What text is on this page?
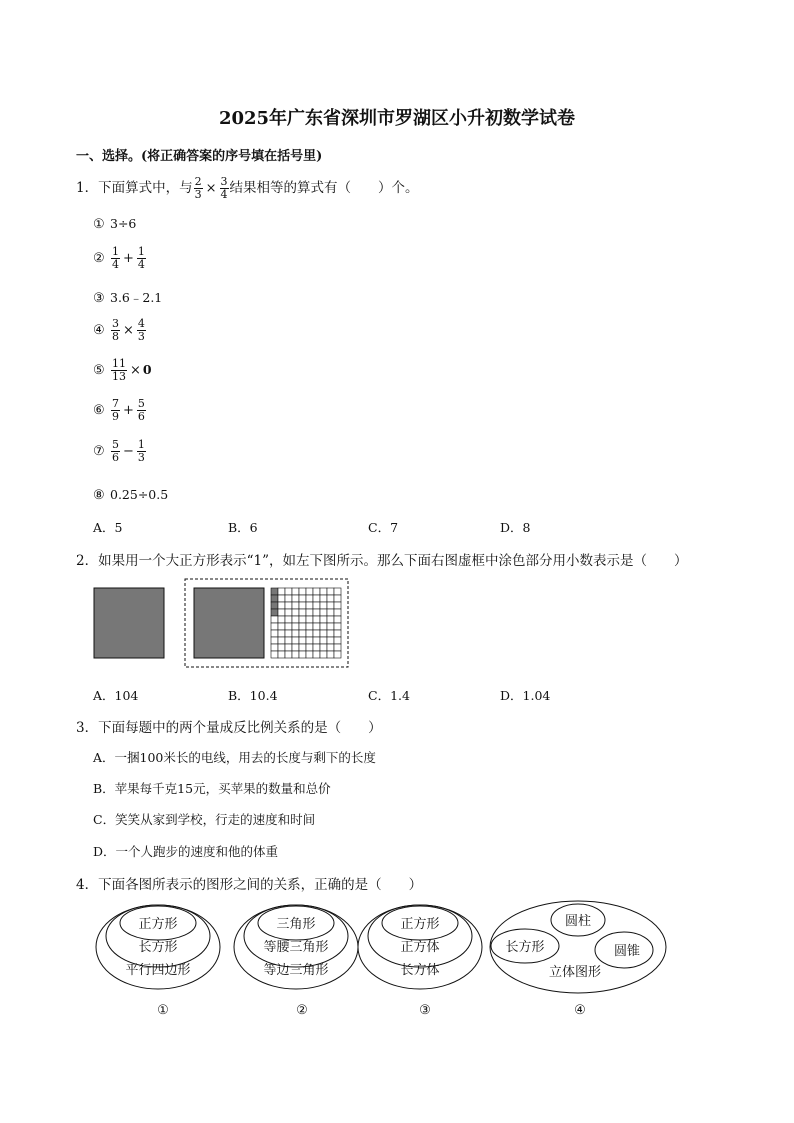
2025年广东省深圳市罗湖区小升初数学试卷
一、选择。(将正确答案的序号填在括号里)
1．下面算式中，与 $\frac{2}{3} \times \frac{3}{4}$ 结果相等的算式有（　　）个。
① 3÷6
② $\frac{1}{4} + \frac{1}{4}$
③ 3.6﹣2.1
④ $\frac{3}{8} \times \frac{4}{3}$
⑤ $\frac{11}{13} \times 0$
⑥ $\frac{7}{9} + \frac{5}{6}$
⑦ $\frac{5}{6} - \frac{1}{3}$
⑧ 0.25÷0.5
A．5	B．6	C．7	D．8
2．如果用一个大正方形表示“1”，如左下图所示。那么下面右图虚框中涂色部分用小数表示是（　　）
A．104	B．10.4	C．1.4	D．1.04
3．下面每题中的两个量成反比例关系的是（　　）
A．一捆100米长的电线，用去的长度与剩下的长度
B．苹果每千克15元，买苹果的数量和总价
C．笑笑从家到学校，行走的速度和时间
D．一个人跑步的速度和他的体重
4．下面各图所表示的图形之间的关系，正确的是（　　）
正方形
长方形
平行四边形
三角形
等腰三角形
等边三角形
正方形
正方体
长方体
圆柱
长方形	圆锥
立体图形
①	②	③	④
